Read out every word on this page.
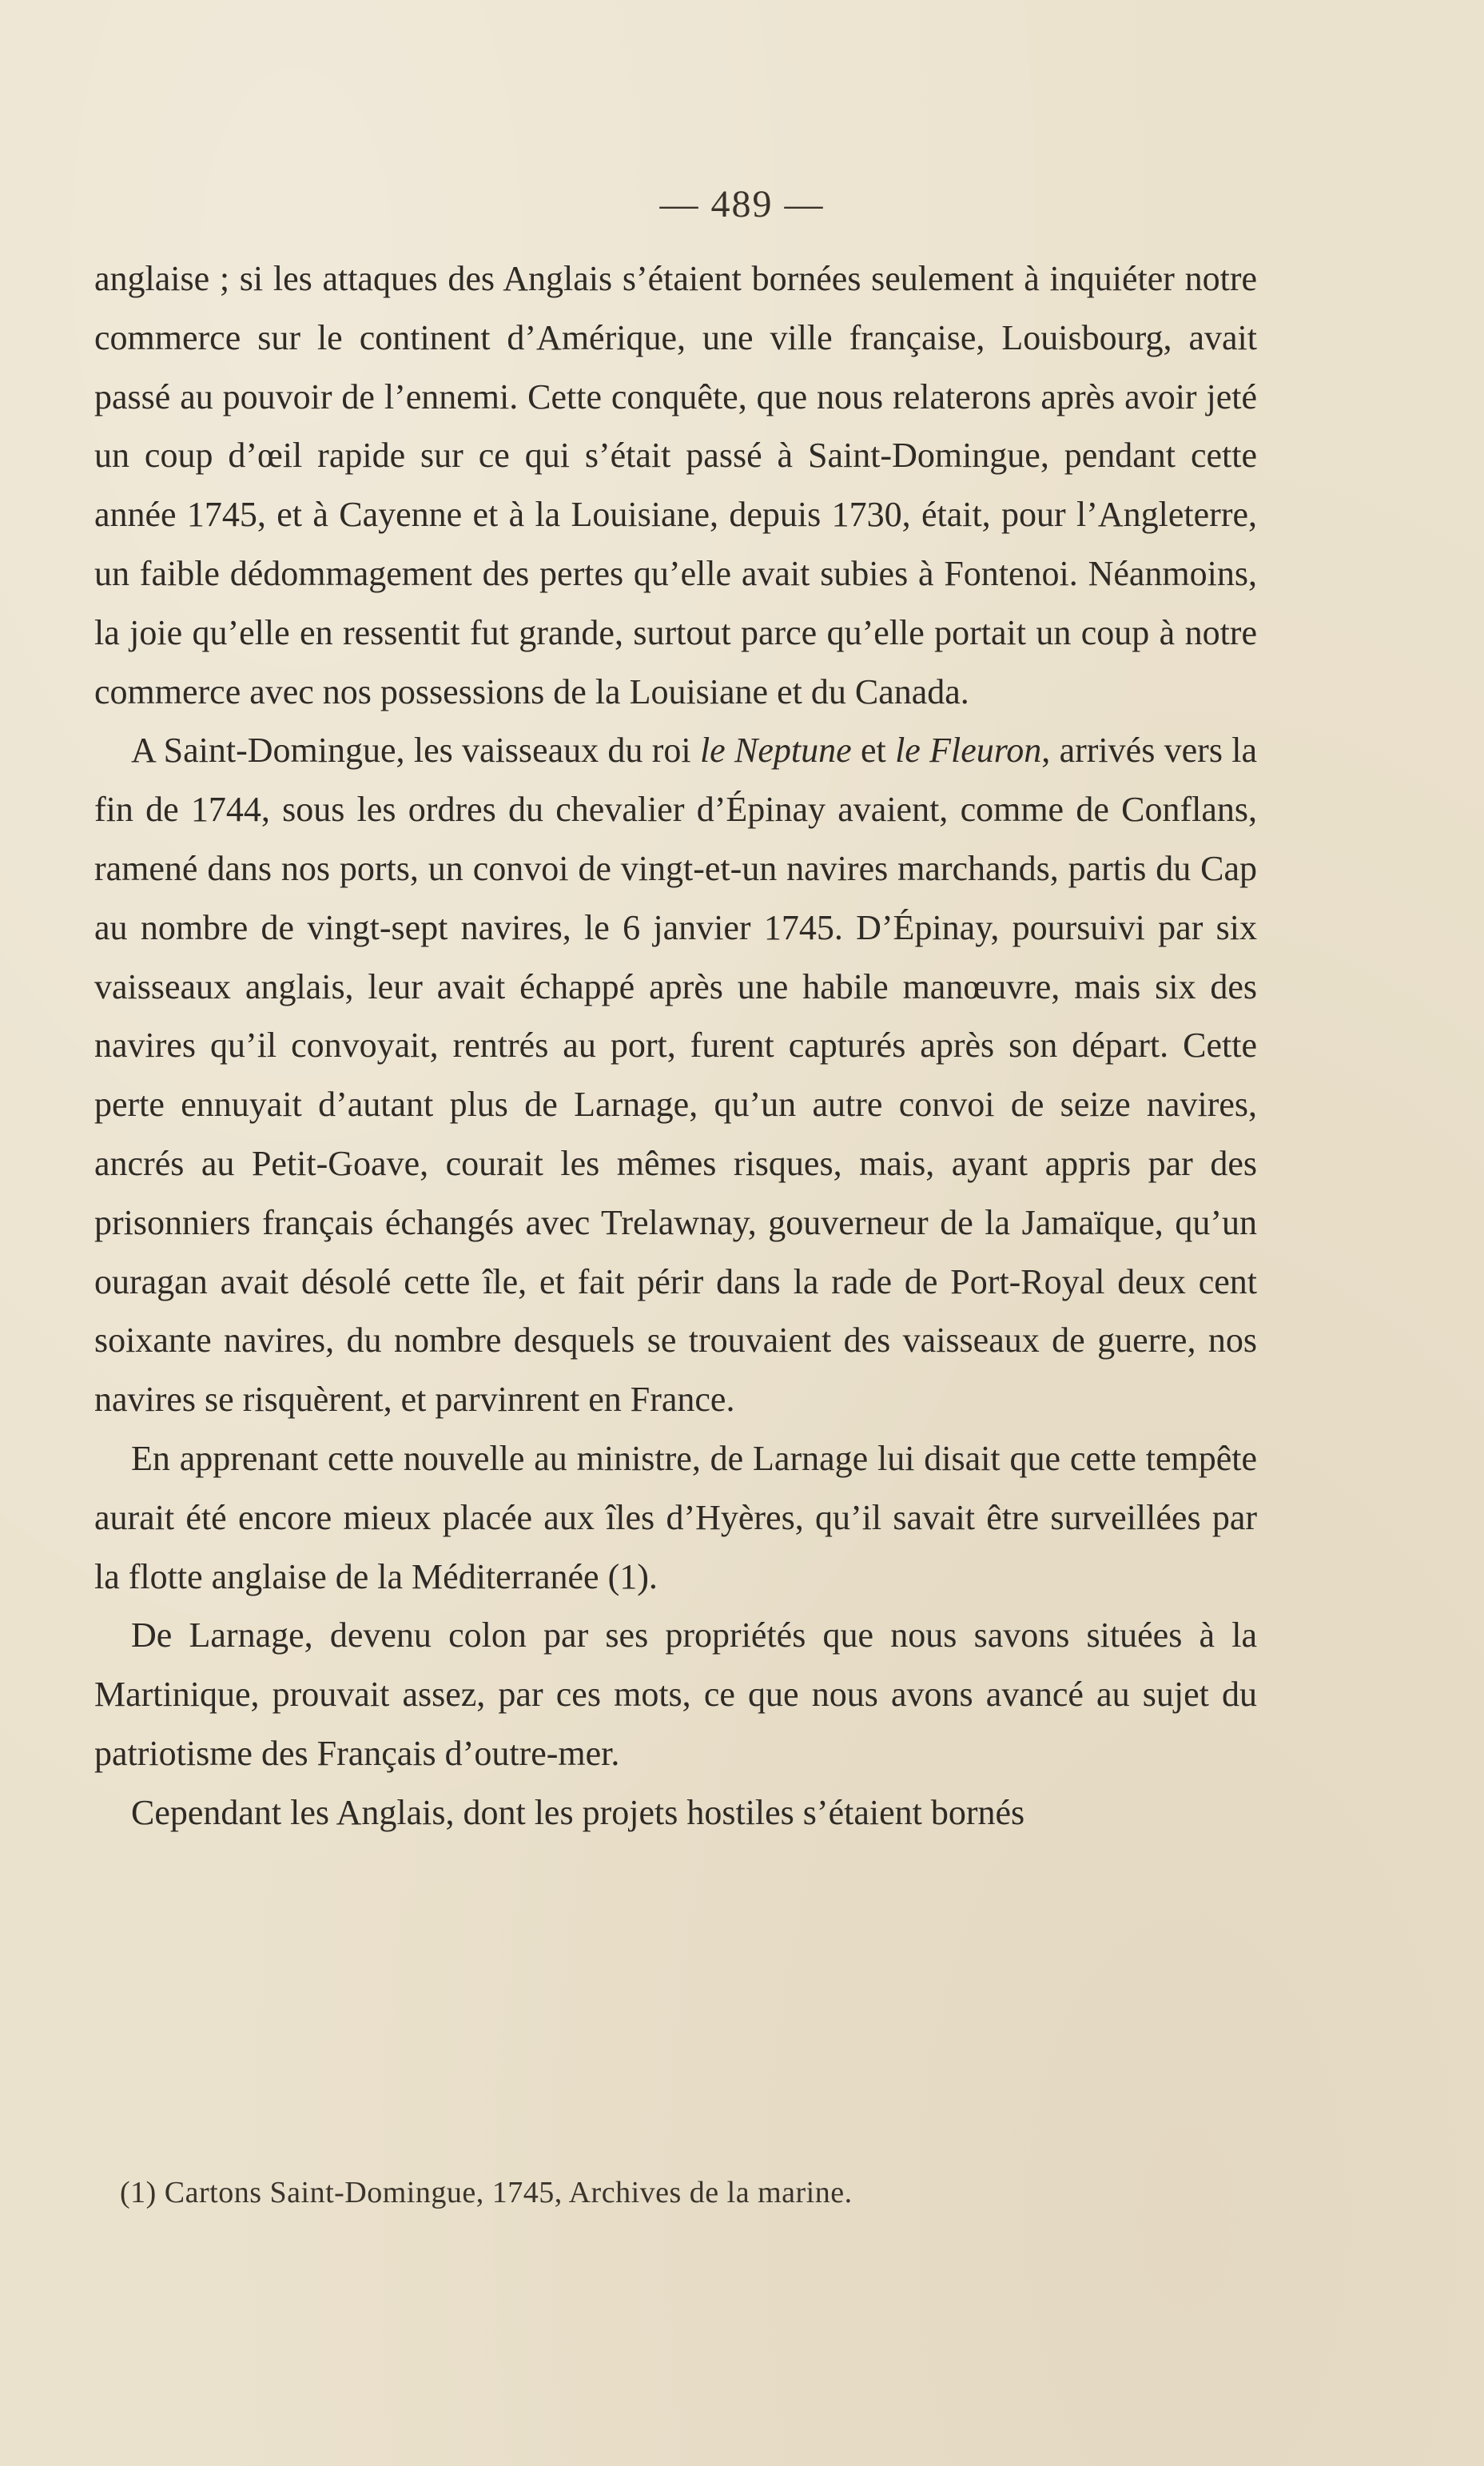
— 489 —

anglaise ; si les attaques des Anglais s’étaient bornées seulement à inquiéter notre commerce sur le continent d’Amérique, une ville française, Louisbourg, avait passé au pouvoir de l’ennemi. Cette conquête, que nous relaterons après avoir jeté un coup d’œil rapide sur ce qui s’était passé à Saint-Domingue, pendant cette année 1745, et à Cayenne et à la Louisiane, depuis 1730, était, pour l’Angleterre, un faible dédommagement des pertes qu’elle avait subies à Fontenoi. Néanmoins, la joie qu’elle en ressentit fut grande, surtout parce qu’elle portait un coup à notre commerce avec nos possessions de la Louisiane et du Canada.

A Saint-Domingue, les vaisseaux du roi le Neptune et le Fleuron, arrivés vers la fin de 1744, sous les ordres du chevalier d’Épinay avaient, comme de Conflans, ramené dans nos ports, un convoi de vingt-et-un navires marchands, partis du Cap au nombre de vingt-sept navires, le 6 janvier 1745. D’Épinay, poursuivi par six vaisseaux anglais, leur avait échappé après une habile manœuvre, mais six des navires qu’il convoyait, rentrés au port, furent capturés après son départ. Cette perte ennuyait d’autant plus de Larnage, qu’un autre convoi de seize navires, ancrés au Petit-Goave, courait les mêmes risques, mais, ayant appris par des prisonniers français échangés avec Trelawnay, gouverneur de la Jamaïque, qu’un ouragan avait désolé cette île, et fait périr dans la rade de Port-Royal deux cent soixante navires, du nombre desquels se trouvaient des vaisseaux de guerre, nos navires se risquèrent, et parvinrent en France.

En apprenant cette nouvelle au ministre, de Larnage lui disait que cette tempête aurait été encore mieux placée aux îles d’Hyères, qu’il savait être surveillées par la flotte anglaise de la Méditerranée (1).

De Larnage, devenu colon par ses propriétés que nous savons situées à la Martinique, prouvait assez, par ces mots, ce que nous avons avancé au sujet du patriotisme des Français d’outre-mer.

Cependant les Anglais, dont les projets hostiles s’étaient bornés

(1) Cartons Saint-Domingue, 1745, Archives de la marine.
